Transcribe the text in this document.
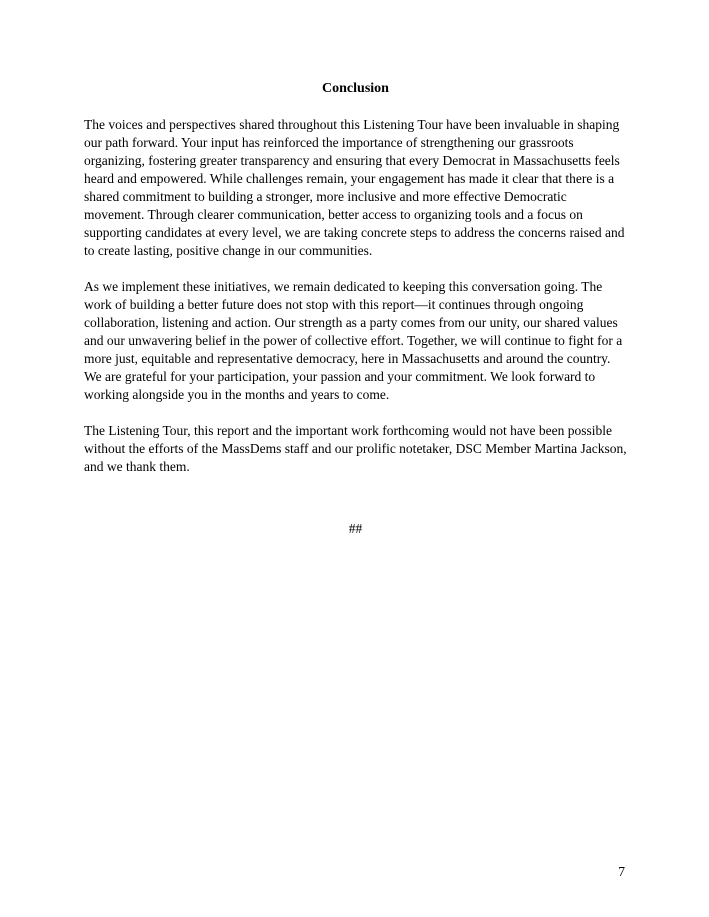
Conclusion

The voices and perspectives shared throughout this Listening Tour have been invaluable in shaping our path forward. Your input has reinforced the importance of strengthening our grassroots organizing, fostering greater transparency and ensuring that every Democrat in Massachusetts feels heard and empowered. While challenges remain, your engagement has made it clear that there is a shared commitment to building a stronger, more inclusive and more effective Democratic movement. Through clearer communication, better access to organizing tools and a focus on supporting candidates at every level, we are taking concrete steps to address the concerns raised and to create lasting, positive change in our communities.

As we implement these initiatives, we remain dedicated to keeping this conversation going. The work of building a better future does not stop with this report—it continues through ongoing collaboration, listening and action. Our strength as a party comes from our unity, our shared values and our unwavering belief in the power of collective effort. Together, we will continue to fight for a more just, equitable and representative democracy, here in Massachusetts and around the country. We are grateful for your participation, your passion and your commitment. We look forward to working alongside you in the months and years to come.

The Listening Tour, this report and the important work forthcoming would not have been possible without the efforts of the MassDems staff and our prolific notetaker, DSC Member Martina Jackson, and we thank them.

##
7
